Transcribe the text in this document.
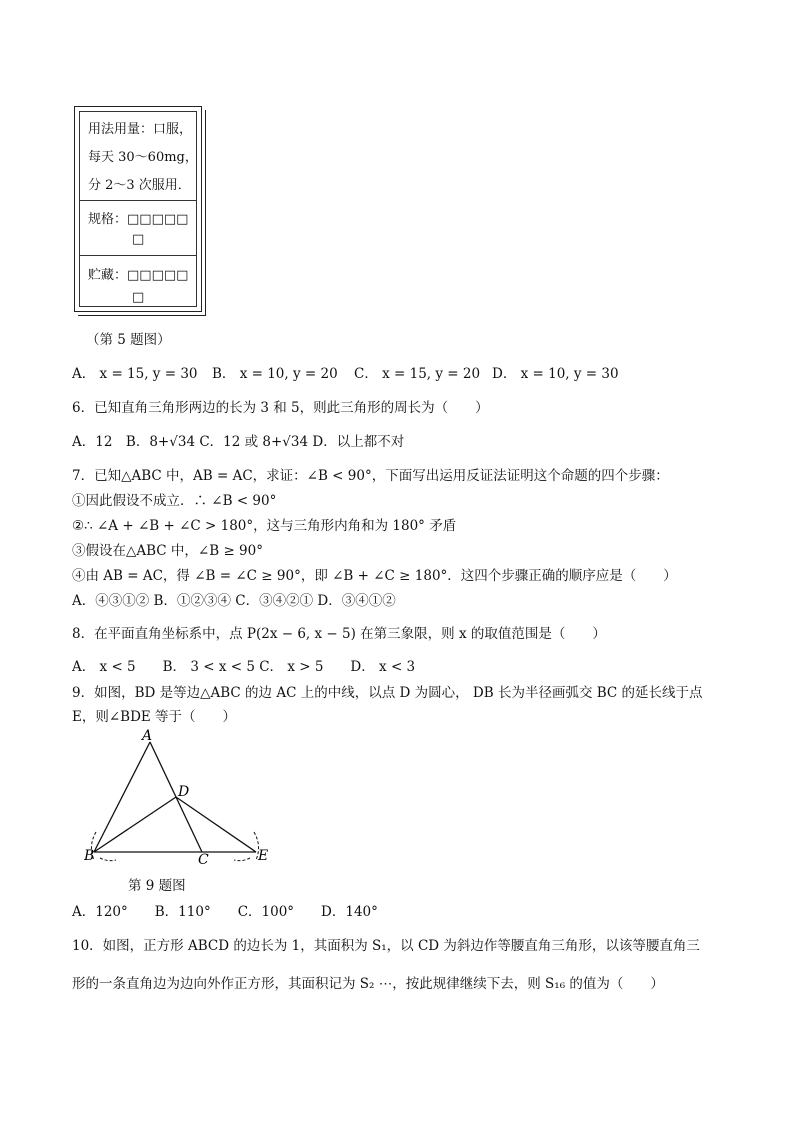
用法用量：口服，
每天 30～60mg，
分 2～3 次服用．
规格：□□□□□
□
贮藏：□□□□□
□
（第 5 题图）
A． x = 15, y = 30 B． x = 10, y = 20 C． x = 15, y = 20 D． x = 10, y = 30
6．已知直角三角形两边的长为 3 和 5，则此三角形的周长为（　　）
A．12　B．8+√34 C．12 或 8+√34 D．以上都不对
7．已知△ABC 中，AB = AC，求证：∠B < 90°，下面写出运用反证法证明这个命题的四个步骤：
①因此假设不成立．∴ ∠B < 90°
②∴ ∠A + ∠B + ∠C > 180°，这与三角形内角和为 180° 矛盾
③假设在△ABC 中，∠B ≥ 90°
④由 AB = AC，得 ∠B = ∠C ≥ 90°，即 ∠B + ∠C ≥ 180°．这四个步骤正确的顺序应是（　　）
A．④③①② B．①②③④ C．③④②① D．③④①②
8．在平面直角坐标系中，点 P(2x − 6, x − 5) 在第三象限，则 x 的取值范围是（　　）
A． x < 5　　B． 3 < x < 5 C． x > 5　　D． x < 3
9．如图，BD 是等边△ABC 的边 AC 上的中线，以点 D 为圆心， DB 长为半径画弧交 BC 的延长线于点
E，则∠BDE 等于（　　）
A
D
B	C	E
第 9 题图
A．120°　　B．110°　　C．100°　　D．140°
10．如图，正方形 ABCD 的边长为 1，其面积为 S₁，以 CD 为斜边作等腰直角三角形，以该等腰直角三
形的一条直角边为边向外作正方形，其面积记为 S₂ ⋯，按此规律继续下去，则 S₁₆ 的值为（　　）
